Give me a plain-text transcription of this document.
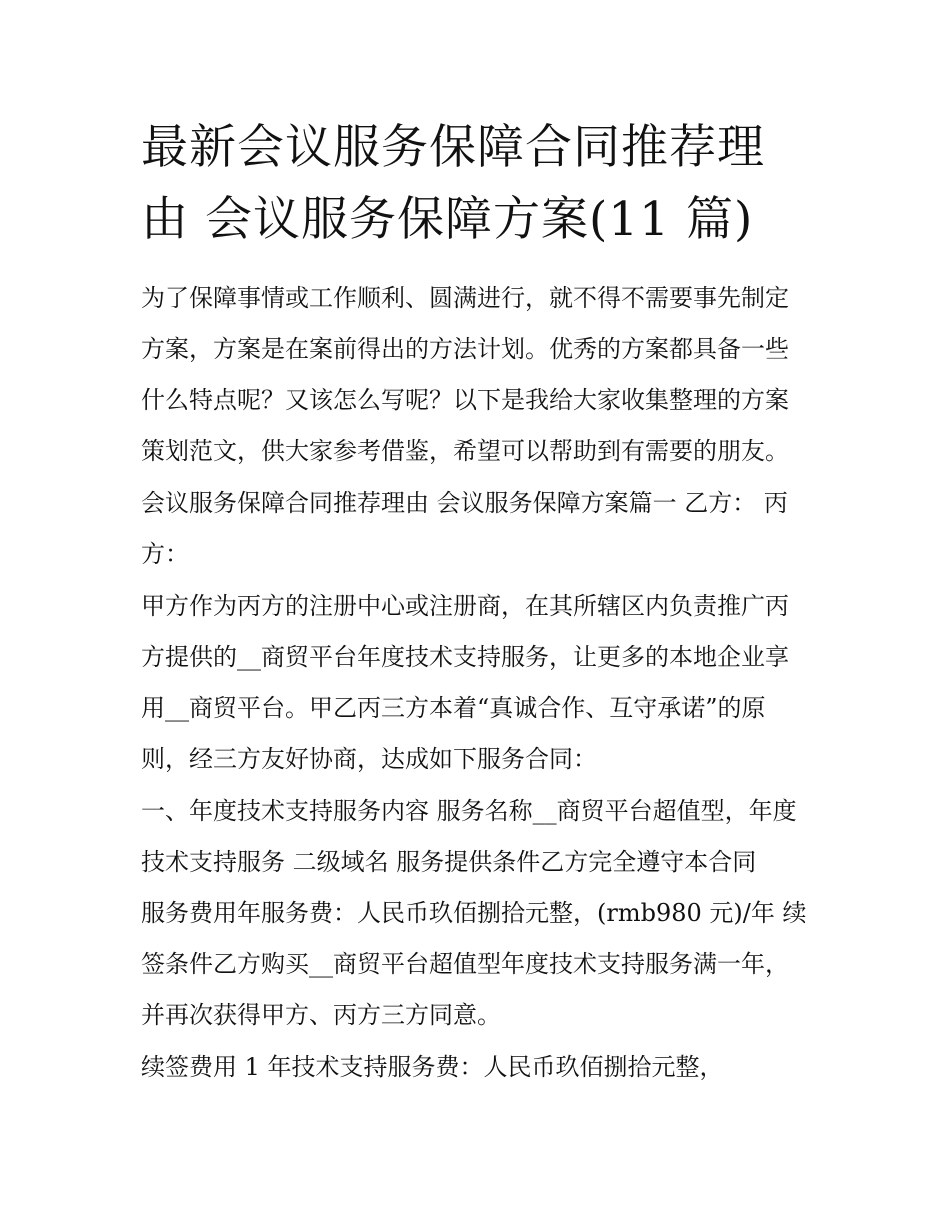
最新会议服务保障合同推荐理
由 会议服务保障方案(11 篇)

为了保障事情或工作顺利、圆满进行，就不得不需要事先制定
方案，方案是在案前得出的方法计划。优秀的方案都具备一些
什么特点呢？又该怎么写呢？以下是我给大家收集整理的方案
策划范文，供大家参考借鉴，希望可以帮助到有需要的朋友。

会议服务保障合同推荐理由 会议服务保障方案篇一 乙方： 丙
方：

甲方作为丙方的注册中心或注册商，在其所辖区内负责推广丙
方提供的__商贸平台年度技术支持服务，让更多的本地企业享
用__商贸平台。甲乙丙三方本着“真诚合作、互守承诺”的原
则，经三方友好协商，达成如下服务合同：

一、年度技术支持服务内容 服务名称__商贸平台超值型，年度
技术支持服务 二级域名 服务提供条件乙方完全遵守本合同
服务费用年服务费：人民币玖佰捌拾元整，(rmb980 元)/年 续
签条件乙方购买__商贸平台超值型年度技术支持服务满一年，
并再次获得甲方、丙方三方同意。

续签费用 1 年技术支持服务费：人民币玖佰捌拾元整，
